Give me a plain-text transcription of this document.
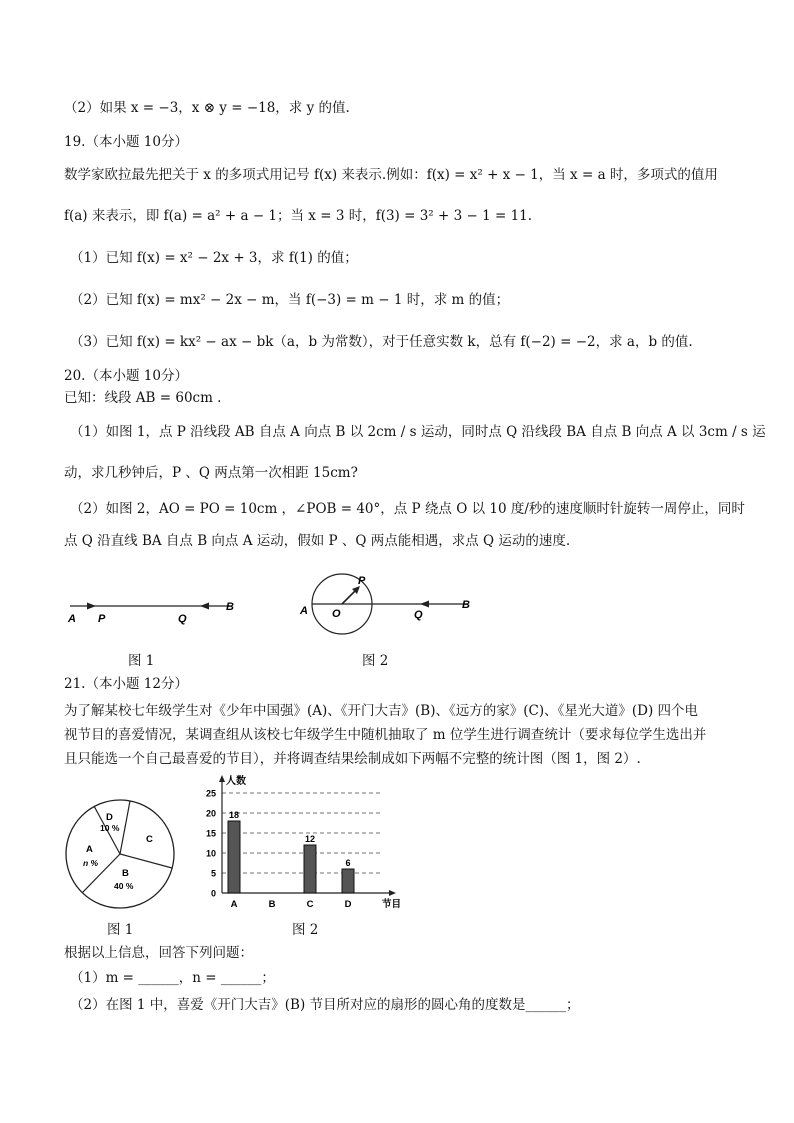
（2）如果 x = −3，x ⊗ y = −18，求 y 的值.
19.（本小题 10分）
数学家欧拉最先把关于 x 的多项式用记号 f(x) 来表示.例如：f(x) = x² + x − 1，当 x = a 时，多项式的值用
f(a) 来表示，即 f(a) = a² + a − 1；当 x = 3 时，f(3) = 3² + 3 − 1 = 11.
（1）已知 f(x) = x² − 2x + 3，求 f(1) 的值；
（2）已知 f(x) = mx² − 2x − m，当 f(−3) = m − 1 时，求 m 的值；
（3）已知 f(x) = kx² − ax − bk（a，b 为常数），对于任意实数 k，总有 f(−2) = −2，求 a，b 的值.
20.（本小题 10分）
已知：线段 AB = 60cm .
（1）如图 1，点 P 沿线段 AB 自点 A 向点 B 以 2cm / s 运动，同时点 Q 沿线段 BA 自点 B 向点 A 以 3cm / s 运
动，求几秒钟后，P 、Q 两点第一次相距 15cm?
（2）如图 2，AO = PO = 10cm ，∠POB = 40°，点 P 绕点 O 以 10 度/秒的速度顺时针旋转一周停止，同时
点 Q 沿直线 BA 自点 B 向点 A 运动，假如 P 、Q 两点能相遇，求点 Q 运动的速度.
A P	Q
B
图 1
A O
P
Q
B
图 2
21.（本小题 12分）
为了解某校七年级学生对《少年中国强》(A)、《开门大吉》(B)、《远方的家》(C)、《星光大道》(D) 四个电
视节目的喜爱情况，某调查组从该校七年级学生中随机抽取了 m 位学生进行调查统计（要求每位学生选出并
且只能选一个自己最喜爱的节目），并将调查结果绘制成如下两幅不完整的统计图（图 1，图 2）.
D
10 %
C
A
n %
B
40 %
图 1
0
5
10
15
20
25
人数
节目
18
A	B
12
C
6
D
图 2
根据以上信息，回答下列问题：
（1）m = ______，n = ______；
（2）在图 1 中，喜爱《开门大吉》(B) 节目所对应的扇形的圆心角的度数是______；
